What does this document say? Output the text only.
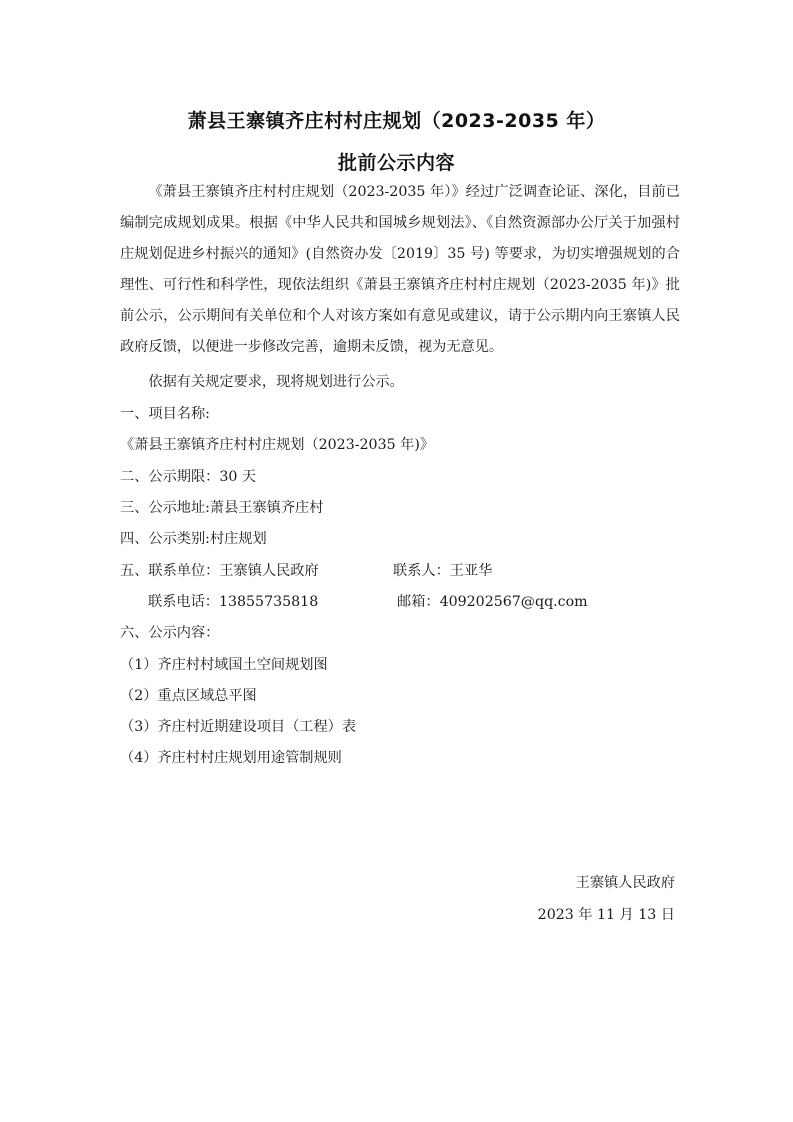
萧县王寨镇齐庄村村庄规划（2023-2035 年）
批前公示内容

《萧县王寨镇齐庄村村庄规划（2023-2035 年）》经过广泛调查论证、深化，目前已编制完成规划成果。根据《中华人民共和国城乡规划法》、《自然资源部办公厅关于加强村庄规划促进乡村振兴的通知》(自然资办发〔2019〕35 号) 等要求，为切实增强规划的合理性、可行性和科学性，现依法组织《萧县王寨镇齐庄村村庄规划（2023-2035 年)》批前公示，公示期间有关单位和个人对该方案如有意见或建议，请于公示期内向王寨镇人民政府反馈，以便进一步修改完善，逾期未反馈，视为无意见。

依据有关规定要求，现将规划进行公示。

一、项目名称:

《萧县王寨镇齐庄村村庄规划（2023-2035 年)》

二、公示期限：30 天

三、公示地址:萧县王寨镇齐庄村

四、公示类别:村庄规划

五、联系单位：王寨镇人民政府	联系人：王亚华

联系电话：13855735818	邮箱：409202567@qq.com

六、公示内容：

（1）齐庄村村域国土空间规划图

（2）重点区域总平图

（3）齐庄村近期建设项目（工程）表

（4）齐庄村村庄规划用途管制规则

王寨镇人民政府

2023 年 11 月 13 日
